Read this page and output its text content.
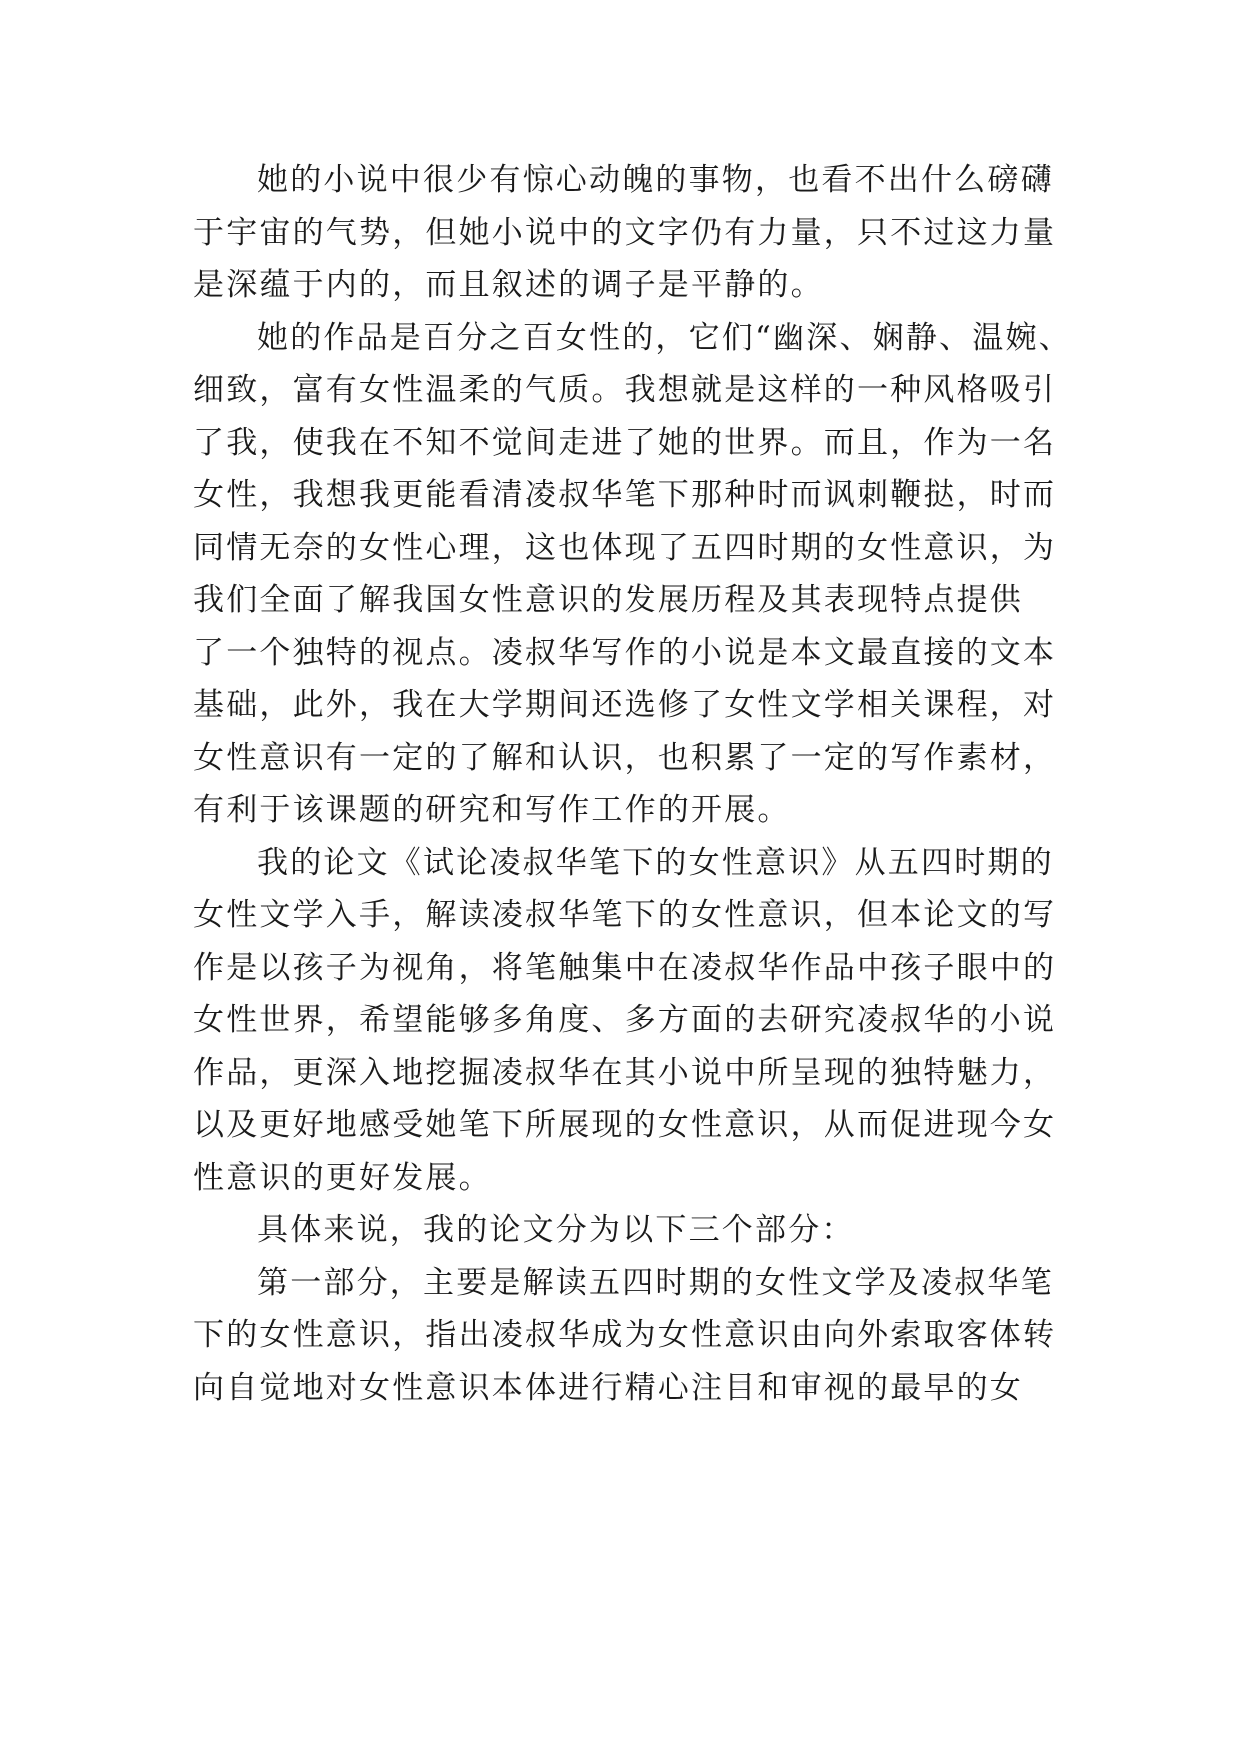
她的小说中很少有惊心动魄的事物，也看不出什么磅礴
于宇宙的气势，但她小说中的文字仍有力量，只不过这力量
是深蕴于内的，而且叙述的调子是平静的。
她的作品是百分之百女性的，它们“幽深、娴静、温婉、
细致，富有女性温柔的气质。我想就是这样的一种风格吸引
了我，使我在不知不觉间走进了她的世界。而且，作为一名
女性，我想我更能看清凌叔华笔下那种时而讽刺鞭挞，时而
同情无奈的女性心理，这也体现了五四时期的女性意识，为
我们全面了解我国女性意识的发展历程及其表现特点提供
了一个独特的视点。凌叔华写作的小说是本文最直接的文本
基础，此外，我在大学期间还选修了女性文学相关课程，对
女性意识有一定的了解和认识，也积累了一定的写作素材，
有利于该课题的研究和写作工作的开展。
我的论文《试论凌叔华笔下的女性意识》从五四时期的
女性文学入手，解读凌叔华笔下的女性意识，但本论文的写
作是以孩子为视角，将笔触集中在凌叔华作品中孩子眼中的
女性世界，希望能够多角度、多方面的去研究凌叔华的小说
作品，更深入地挖掘凌叔华在其小说中所呈现的独特魅力，
以及更好地感受她笔下所展现的女性意识，从而促进现今女
性意识的更好发展。
具体来说，我的论文分为以下三个部分：
第一部分，主要是解读五四时期的女性文学及凌叔华笔
下的女性意识，指出凌叔华成为女性意识由向外索取客体转
向自觉地对女性意识本体进行精心注目和审视的最早的女
